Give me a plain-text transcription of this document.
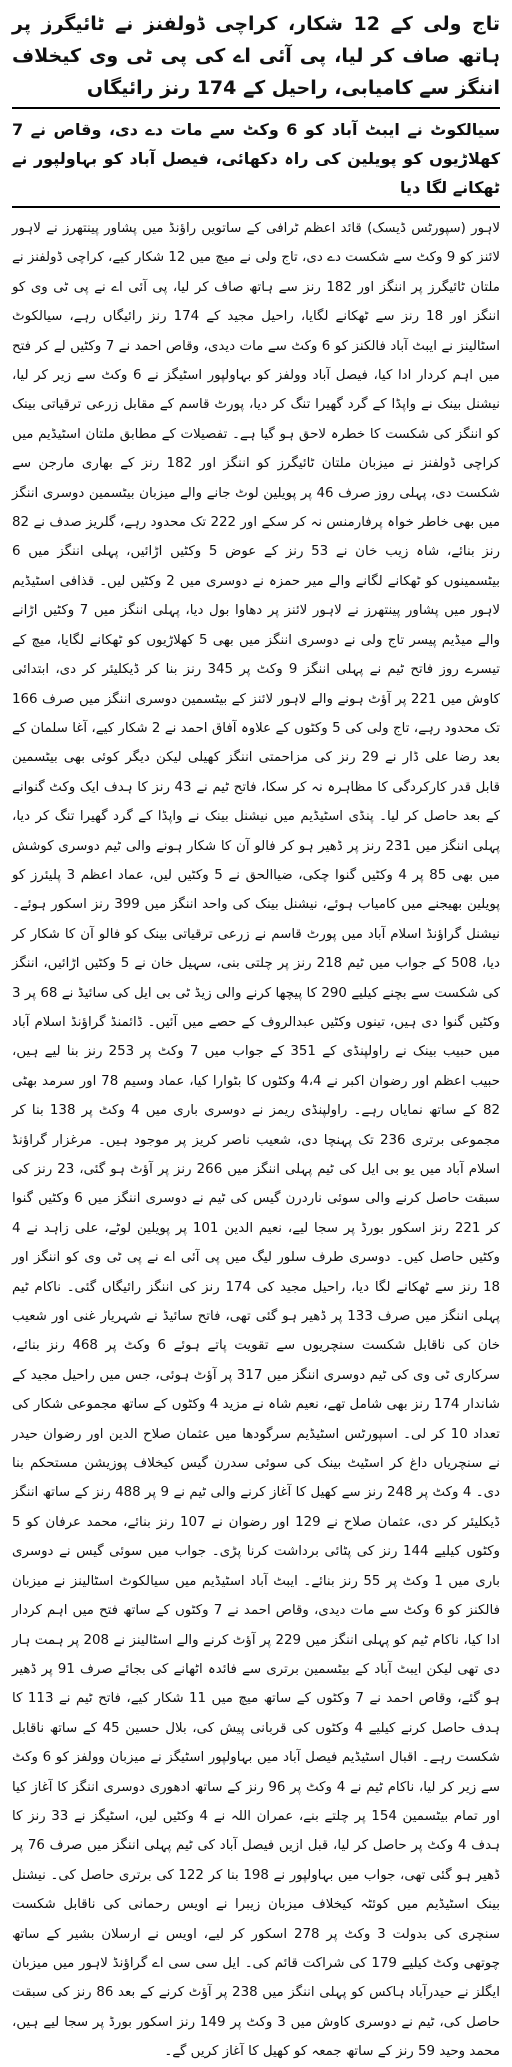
تاج ولی کے 12 شکار، کراچی ڈولفنز نے ٹائیگرز پر ہاتھ صاف کر لیا، پی آئی اے کی پی ٹی وی کیخلاف اننگز سے کامیابی، راحیل کے 174 رنز رائیگاں
سیالکوٹ نے ایبٹ آباد کو 6 وکٹ سے مات دے دی، وقاص نے 7 کھلاڑیوں کو پویلین کی راہ دکھائی، فیصل آباد کو بہاولپور نے ٹھکانے لگا دیا

لاہور (سپورٹس ڈیسک) قائد اعظم ٹرافی کے ساتویں راؤنڈ میں پشاور پینتھرز نے لاہور لائنز کو 9 وکٹ سے شکست دے دی، تاج ولی نے میچ میں 12 شکار کیے، کراچی ڈولفنز نے ملتان ٹائیگرز پر اننگز اور 182 رنز سے ہاتھ صاف کر لیا، پی آئی اے نے پی ٹی وی کو اننگز اور 18 رنز سے ٹھکانے لگایا، راحیل مجید کے 174 رنز رائیگاں رہے، سیالکوٹ اسٹالینز نے ایبٹ آباد فالکنز کو 6 وکٹ سے مات دیدی، وقاص احمد نے 7 وکٹیں لے کر فتح میں اہم کردار ادا کیا، فیصل آباد وولفز کو بہاولپور اسٹیگز نے 6 وکٹ سے زیر کر لیا، نیشنل بینک نے واپڈا کے گرد گھیرا تنگ کر دیا، پورٹ قاسم کے مقابل زرعی ترقیاتی بینک کو اننگز کی شکست کا خطرہ لاحق ہو گیا ہے۔ تفصیلات کے مطابق ملتان اسٹیڈیم میں کراچی ڈولفنز نے میزبان ملتان ٹائیگرز کو اننگز اور 182 رنز کے بھاری مارجن سے شکست دی، پہلی روز صرف 46 پر پویلین لوٹ جانے والے میزبان بیٹسمین دوسری اننگز میں بھی خاطر خواہ پرفارمنس نہ کر سکے اور 222 تک محدود رہے، گلریز صدف نے 82 رنز بنائے، شاہ زیب خان نے 53 رنز کے عوض 5 وکٹیں اڑائیں، پہلی اننگز میں 6 بیٹسمینوں کو ٹھکانے لگانے والے میر حمزہ نے دوسری میں 2 وکٹیں لیں۔ قذافی اسٹیڈیم لاہور میں پشاور پینتھرز نے لاہور لائنز پر دھاوا بول دیا، پہلی اننگز میں 7 وکٹیں اڑانے والے میڈیم پیسر تاج ولی نے دوسری اننگز میں بھی 5 کھلاڑیوں کو ٹھکانے لگایا، میچ کے تیسرے روز فاتح ٹیم نے پہلی اننگز 9 وکٹ پر 345 رنز بنا کر ڈیکلیئر کر دی، ابتدائی کاوش میں 221 پر آؤٹ ہونے والے لاہور لائنز کے بیٹسمین دوسری اننگز میں صرف 166 تک محدود رہے، تاج ولی کی 5 وکٹوں کے علاوہ آفاق احمد نے 2 شکار کیے، آغا سلمان کے بعد رضا علی ڈار نے 29 رنز کی مزاحمتی اننگز کھیلی لیکن دیگر کوئی بھی بیٹسمین قابل قدر کارکردگی کا مظاہرہ نہ کر سکا، فاتح ٹیم نے 43 رنز کا ہدف ایک وکٹ گنوانے کے بعد حاصل کر لیا۔ پنڈی اسٹیڈیم میں نیشنل بینک نے واپڈا کے گرد گھیرا تنگ کر دیا، پہلی اننگز میں 231 رنز پر ڈھیر ہو کر فالو آن کا شکار ہونے والی ٹیم دوسری کوشش میں بھی 85 پر 4 وکٹیں گنوا چکی، ضیاالحق نے 5 وکٹیں لیں، عماد اعظم 3 پلیئرز کو پویلین بھیجنے میں کامیاب ہوئے، نیشنل بینک کی واحد اننگز میں 399 رنز اسکور ہوئے۔ نیشنل گراؤنڈ اسلام آباد میں پورٹ قاسم نے زرعی ترقیاتی بینک کو فالو آن کا شکار کر دیا، 508 کے جواب میں ٹیم 218 رنز پر چلتی بنی، سہیل خان نے 5 وکٹیں اڑائیں، اننگز کی شکست سے بچنے کیلیے 290 کا پیچھا کرنے والی زیڈ ٹی بی ایل کی سائیڈ نے 68 پر 3 وکٹیں گنوا دی ہیں، تینوں وکٹیں عبدالروف کے حصے میں آئیں۔ ڈائمنڈ گراؤنڈ اسلام آباد میں حبیب بینک نے راولپنڈی کے 351 کے جواب میں 7 وکٹ پر 253 رنز بنا لیے ہیں، حبیب اعظم اور رضوان اکبر نے 4،4 وکٹوں کا بٹوارا کیا، عماد وسیم 78 اور سرمد بھٹی 82 کے ساتھ نمایاں رہے۔ راولپنڈی ریمز نے دوسری باری میں 4 وکٹ پر 138 بنا کر مجموعی برتری 236 تک پہنچا دی، شعیب ناصر کریز پر موجود ہیں۔ مرغزار گراؤنڈ اسلام آباد میں یو بی ایل کی ٹیم پہلی اننگز میں 266 رنز پر آؤٹ ہو گئی، 23 رنز کی سبقت حاصل کرنے والی سوئی ناردرن گیس کی ٹیم نے دوسری اننگز میں 6 وکٹیں گنوا کر 221 رنز اسکور بورڈ پر سجا لیے، نعیم الدین 101 پر پویلین لوٹے، علی زاہد نے 4 وکٹیں حاصل کیں۔ دوسری طرف سلور لیگ میں پی آئی اے نے پی ٹی وی کو اننگز اور 18 رنز سے ٹھکانے لگا دیا، راحیل مجید کی 174 رنز کی اننگز رائیگاں گئی۔ ناکام ٹیم پہلی اننگز میں صرف 133 پر ڈھیر ہو گئی تھی، فاتح سائیڈ نے شہریار غنی اور شعیب خان کی ناقابل شکست سنچریوں سے تقویت پاتے ہوئے 6 وکٹ پر 468 رنز بنائے، سرکاری ٹی وی کی ٹیم دوسری اننگز میں 317 پر آؤٹ ہوئی، جس میں راحیل مجید کے شاندار 174 رنز بھی شامل تھے، نعیم شاہ نے مزید 4 وکٹوں کے ساتھ مجموعی شکار کی تعداد 10 کر لی۔ اسپورٹس اسٹیڈیم سرگودھا میں عثمان صلاح الدین اور رضوان حیدر نے سنچریاں داغ کر اسٹیٹ بینک کی سوئی سدرن گیس کیخلاف پوزیشن مستحکم بنا دی۔ 4 وکٹ پر 248 رنز سے کھیل کا آغاز کرنے والی ٹیم نے 9 پر 488 رنز کے ساتھ اننگز ڈیکلیئر کر دی، عثمان صلاح نے 129 اور رضوان نے 107 رنز بنائے، محمد عرفان کو 5 وکٹوں کیلیے 144 رنز کی پٹائی برداشت کرنا پڑی۔ جواب میں سوئی گیس نے دوسری باری میں 1 وکٹ پر 55 رنز بنائے۔ ایبٹ آباد اسٹیڈیم میں سیالکوٹ اسٹالینز نے میزبان فالکنز کو 6 وکٹ سے مات دیدی، وقاص احمد نے 7 وکٹوں کے ساتھ فتح میں اہم کردار ادا کیا، ناکام ٹیم کو پہلی اننگز میں 229 پر آؤٹ کرنے والے اسٹالینز نے 208 پر ہمت ہار دی تھی لیکن ایبٹ آباد کے بیٹسمین برتری سے فائدہ اٹھانے کی بجائے صرف 91 پر ڈھیر ہو گئے، وقاص احمد نے 7 وکٹوں کے ساتھ میچ میں 11 شکار کیے، فاتح ٹیم نے 113 کا ہدف حاصل کرنے کیلیے 4 وکٹوں کی قربانی پیش کی، بلال حسین 45 کے ساتھ ناقابل شکست رہے۔ اقبال اسٹیڈیم فیصل آباد میں بہاولپور اسٹیگز نے میزبان وولفز کو 6 وکٹ سے زیر کر لیا، ناکام ٹیم نے 4 وکٹ پر 96 رنز کے ساتھ ادھوری دوسری اننگز کا آغاز کیا اور تمام بیٹسمین 154 پر چلتے بنے، عمران اللہ نے 4 وکٹیں لیں، اسٹیگز نے 33 رنز کا ہدف 4 وکٹ پر حاصل کر لیا، قبل ازیں فیصل آباد کی ٹیم پہلی اننگز میں صرف 76 پر ڈھیر ہو گئی تھی، جواب میں بہاولپور نے 198 بنا کر 122 کی برتری حاصل کی۔ نیشنل بینک اسٹیڈیم میں کوئٹہ کیخلاف میزبان زیبرا نے اویس رحمانی کی ناقابل شکست سنچری کی بدولت 3 وکٹ پر 278 اسکور کر لیے، اویس نے ارسلان بشیر کے ساتھ چوتھی وکٹ کیلیے 179 کی شراکت قائم کی۔ ایل سی سی اے گراؤنڈ لاہور میں میزبان ایگلز نے حیدرآباد ہاکس کو پہلی اننگز میں 238 پر آؤٹ کرنے کے بعد 86 رنز کی سبقت حاصل کی، ٹیم نے دوسری کاوش میں 3 وکٹ پر 149 رنز اسکور بورڈ پر سجا لیے ہیں، محمد وحید 59 رنز کے ساتھ جمعہ کو کھیل کا آغاز کریں گے۔
